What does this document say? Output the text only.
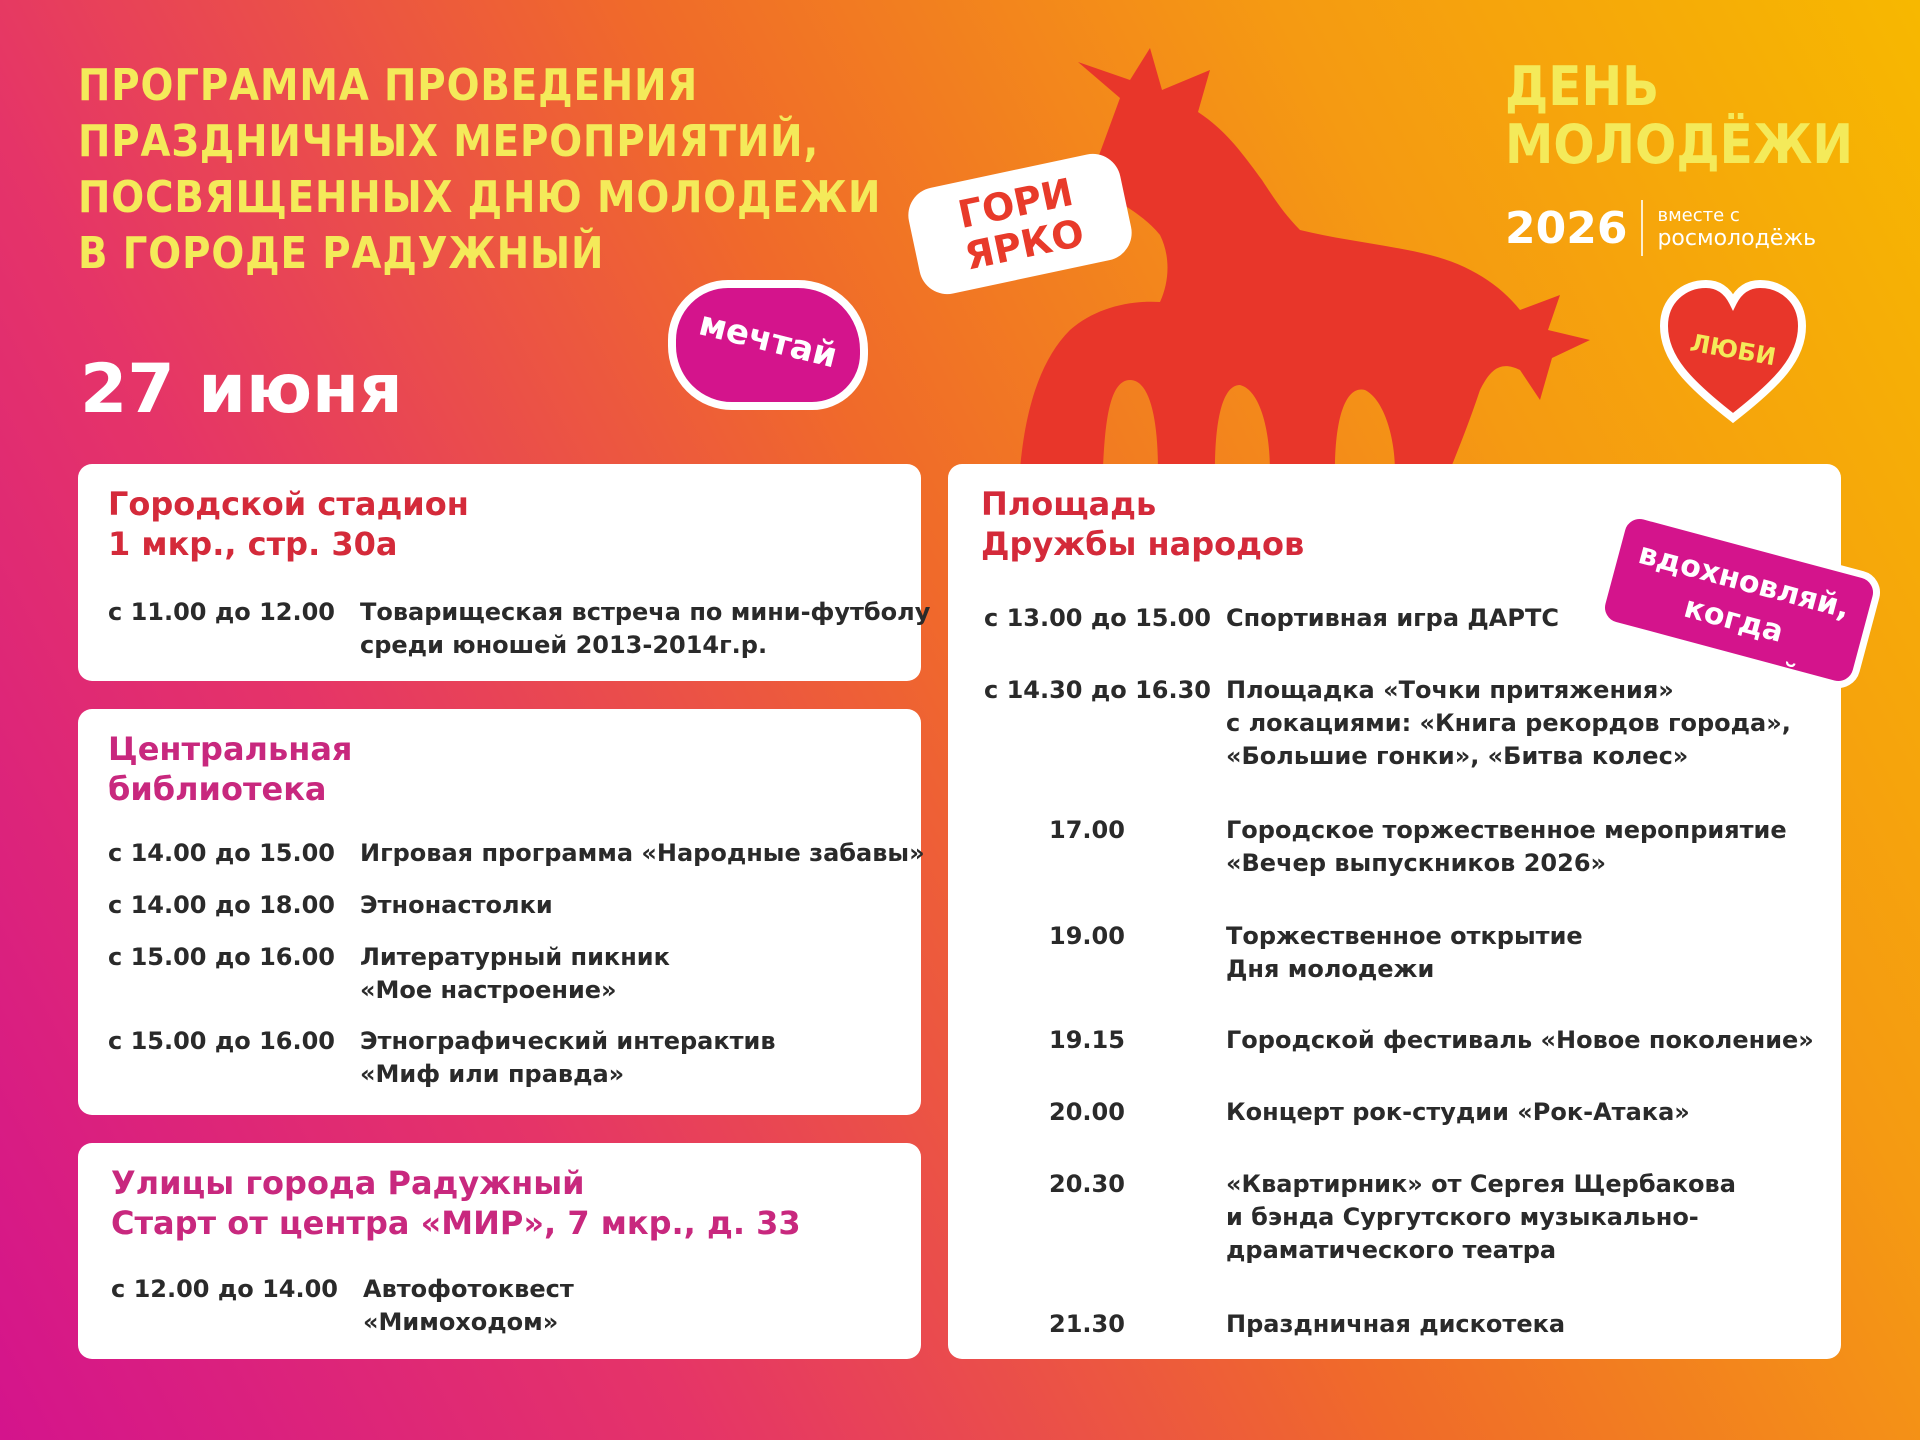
ПРОГРАММА ПРОВЕДЕНИЯ
ПРАЗДНИЧНЫХ МЕРОПРИЯТИЙ,
ПОСВЯЩЕННЫХ ДНЮ МОЛОДЕЖИ
В ГОРОДЕ РАДУЖНЫЙ
27 июня
ДЕНЬ
МОЛОДЁЖИ
2026 вместе с
росмолодёжь
ГОРИ ЯРКО
мечтай	ЛЮБИ
Городской стадион
1 мкр., стр. 30а
с 11.00 до 12.00 Товарищеская встреча по мини-футболу
среди юношей 2013-2014г.р.
Центральная
библиотека
с 14.00 до 15.00 Игровая программа «Народные забавы»
с 14.00 до 18.00 Этнонастолки
с 15.00 до 16.00 Литературный пикник
«Мое настроение»
с 15.00 до 16.00 Этнографический интерактив
«Миф или правда»
Улицы города Радужный
Старт от центра «МИР», 7 мкр., д. 33
с 12.00 до 14.00 Автофотоквест
«Мимоходом»
Площадь
Дружбы народов
с 13.00 до 15.00 Спортивная игра ДАРТС
с 14.30 до 16.30 Площадка «Точки притяжения»
с локациями: «Книга рекордов города»,
«Большие гонки», «Битва колес»
17.00	Городское торжественное мероприятие
«Вечер выпускников 2026»
19.00	Торжественное открытие
Дня молодежи
19.15	Городской фестиваль «Новое поколение»
20.00	Концерт рок-студии «Рок-Атака»
20.30	«Квартирник» от Сергея Щербакова
и бэнда Сургутского музыкально-
драматического театра
21.30	Праздничная дискотека
вдохновляй, когда молодой
